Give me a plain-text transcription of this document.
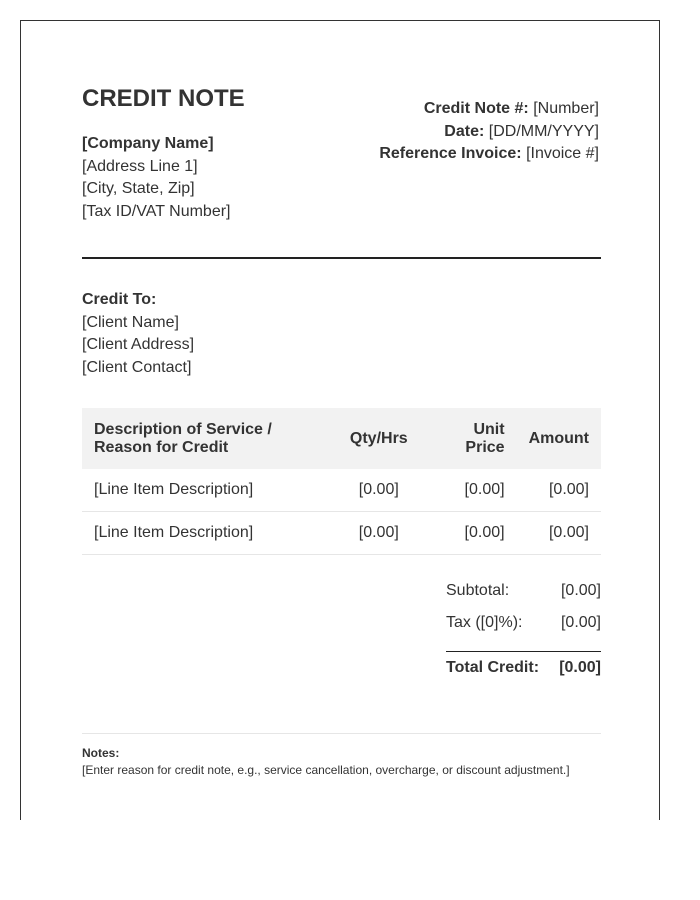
CREDIT NOTE
[Company Name]
[Address Line 1]
[City, State, Zip]
[Tax ID/VAT Number]
Credit Note #: [Number]
Date: [DD/MM/YYYY]
Reference Invoice: [Invoice #]
Credit To:
[Client Name]
[Client Address]
[Client Contact]
Description of Service / Reason for Credit	Qty/Hrs	Unit Price	Amount
[Line Item Description]	[0.00]	[0.00]	[0.00]
[Line Item Description]	[0.00]	[0.00]	[0.00]
Subtotal:	[0.00]
Tax ([0]%): [0.00]
Total Credit: [0.00]
Notes:
[Enter reason for credit note, e.g., service cancellation, overcharge, or discount adjustment.]
